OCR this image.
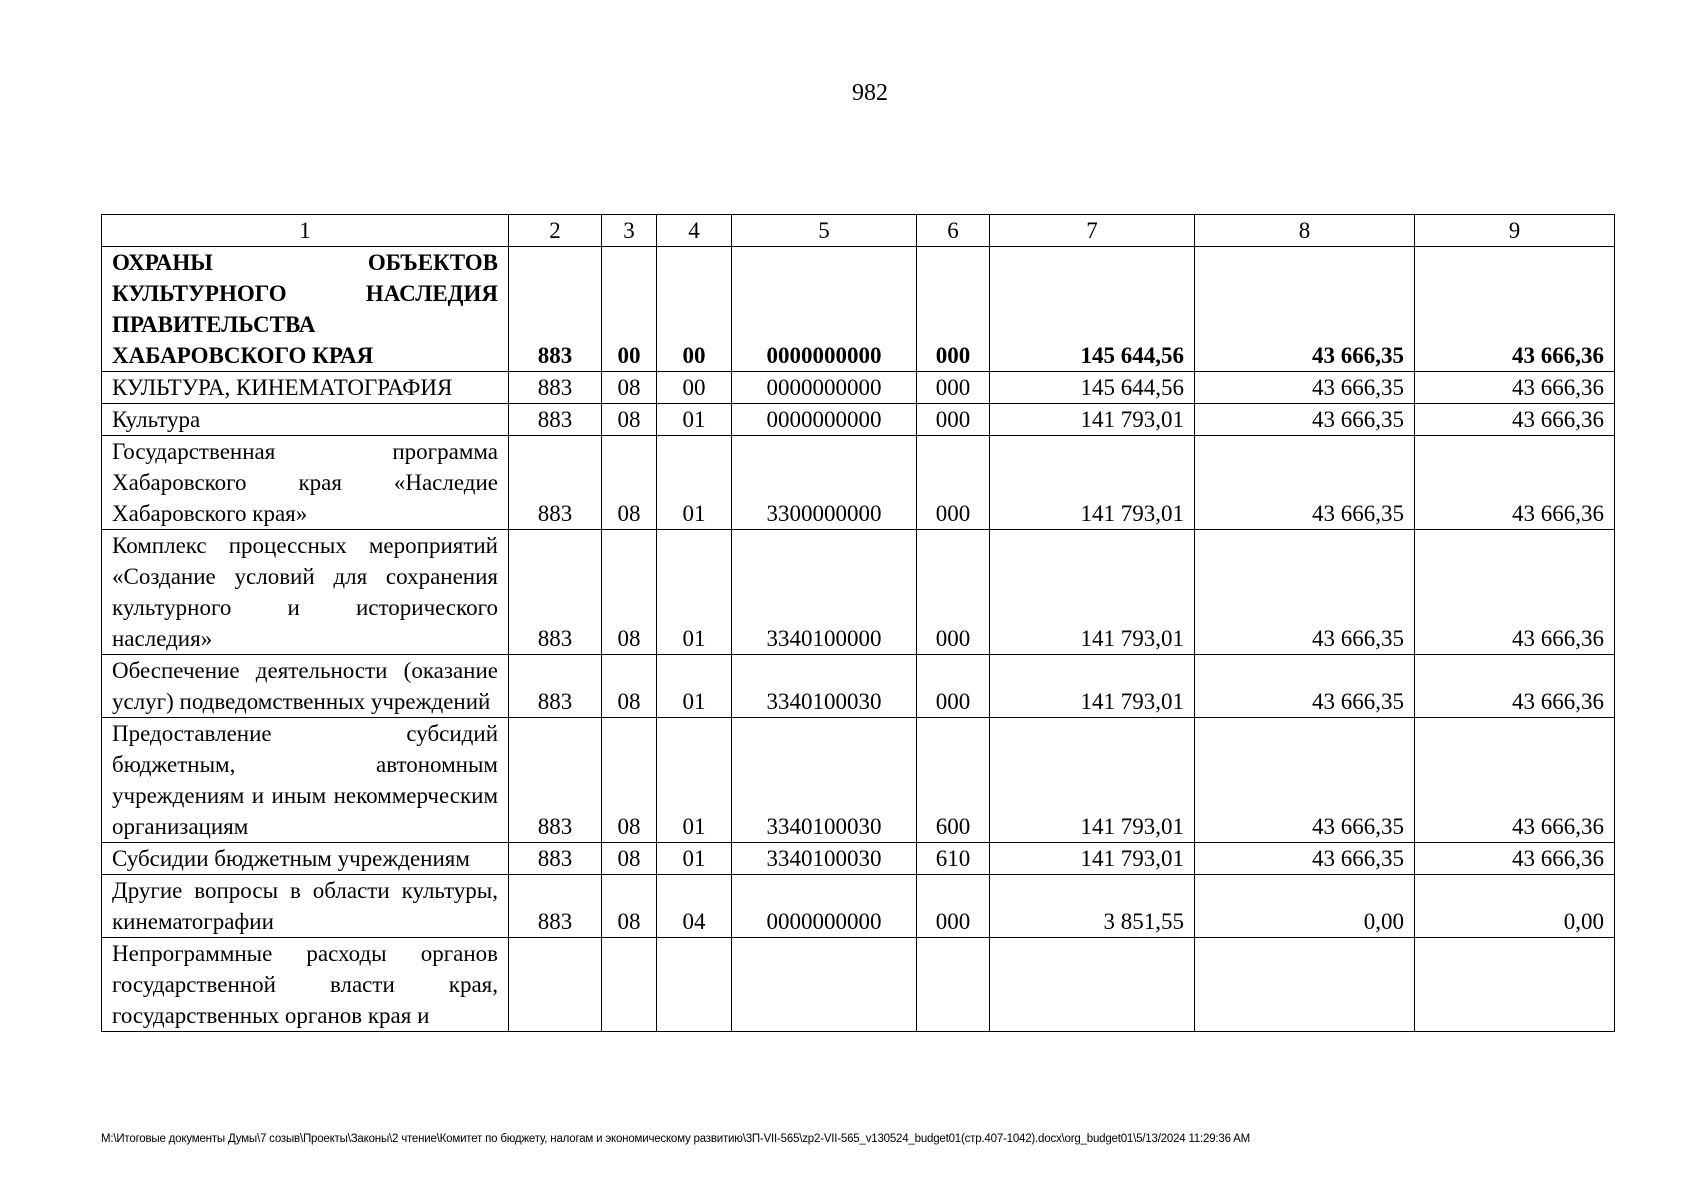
982
1	2	3	4	5	6	7	8	9
ОХРАНЫ ОБЪЕКТОВ КУЛЬТУРНОГО НАСЛЕДИЯ ПРАВИТЕЛЬСТВА ХАБАРОВСКОГО КРАЯ	883	00	00	0000000000	000	145 644,56	43 666,35	43 666,36
КУЛЬТУРА, КИНЕМАТОГРАФИЯ	883	08	00	0000000000	000	145 644,56	43 666,35	43 666,36
Культура	883	08	01	0000000000	000	141 793,01	43 666,35	43 666,36
Государственная программа Хабаровского края «Наследие Хабаровского края»	883	08	01	3300000000	000	141 793,01	43 666,35	43 666,36
Комплекс процессных мероприятий «Создание условий для сохранения культурного и исторического наследия»	883	08	01	3340100000	000	141 793,01	43 666,35	43 666,36
Обеспечение деятельности (оказание услуг) подведомственных учреждений	883	08	01	3340100030	000	141 793,01	43 666,35	43 666,36
Предоставление субсидий бюджетным, автономным учреждениям и иным некоммерческим организациям	883	08	01	3340100030	600	141 793,01	43 666,35	43 666,36
Субсидии бюджетным учреждениям	883	08	01	3340100030	610	141 793,01	43 666,35	43 666,36
Другие вопросы в области культуры, кинематографии	883	08	04	0000000000	000	3 851,55	0,00	0,00
Непрограммные расходы органов государственной власти края, государственных органов края и								
M:\Итоговые документы Думы\7 созыв\Проекты\Законы\2 чтение\Комитет по бюджету, налогам и экономическому развитию\3П-VII-565\zp2-VII-565_v130524_budget01(стр.407-1042).docx\org_budget01\5/13/2024 11:29:36 AM
